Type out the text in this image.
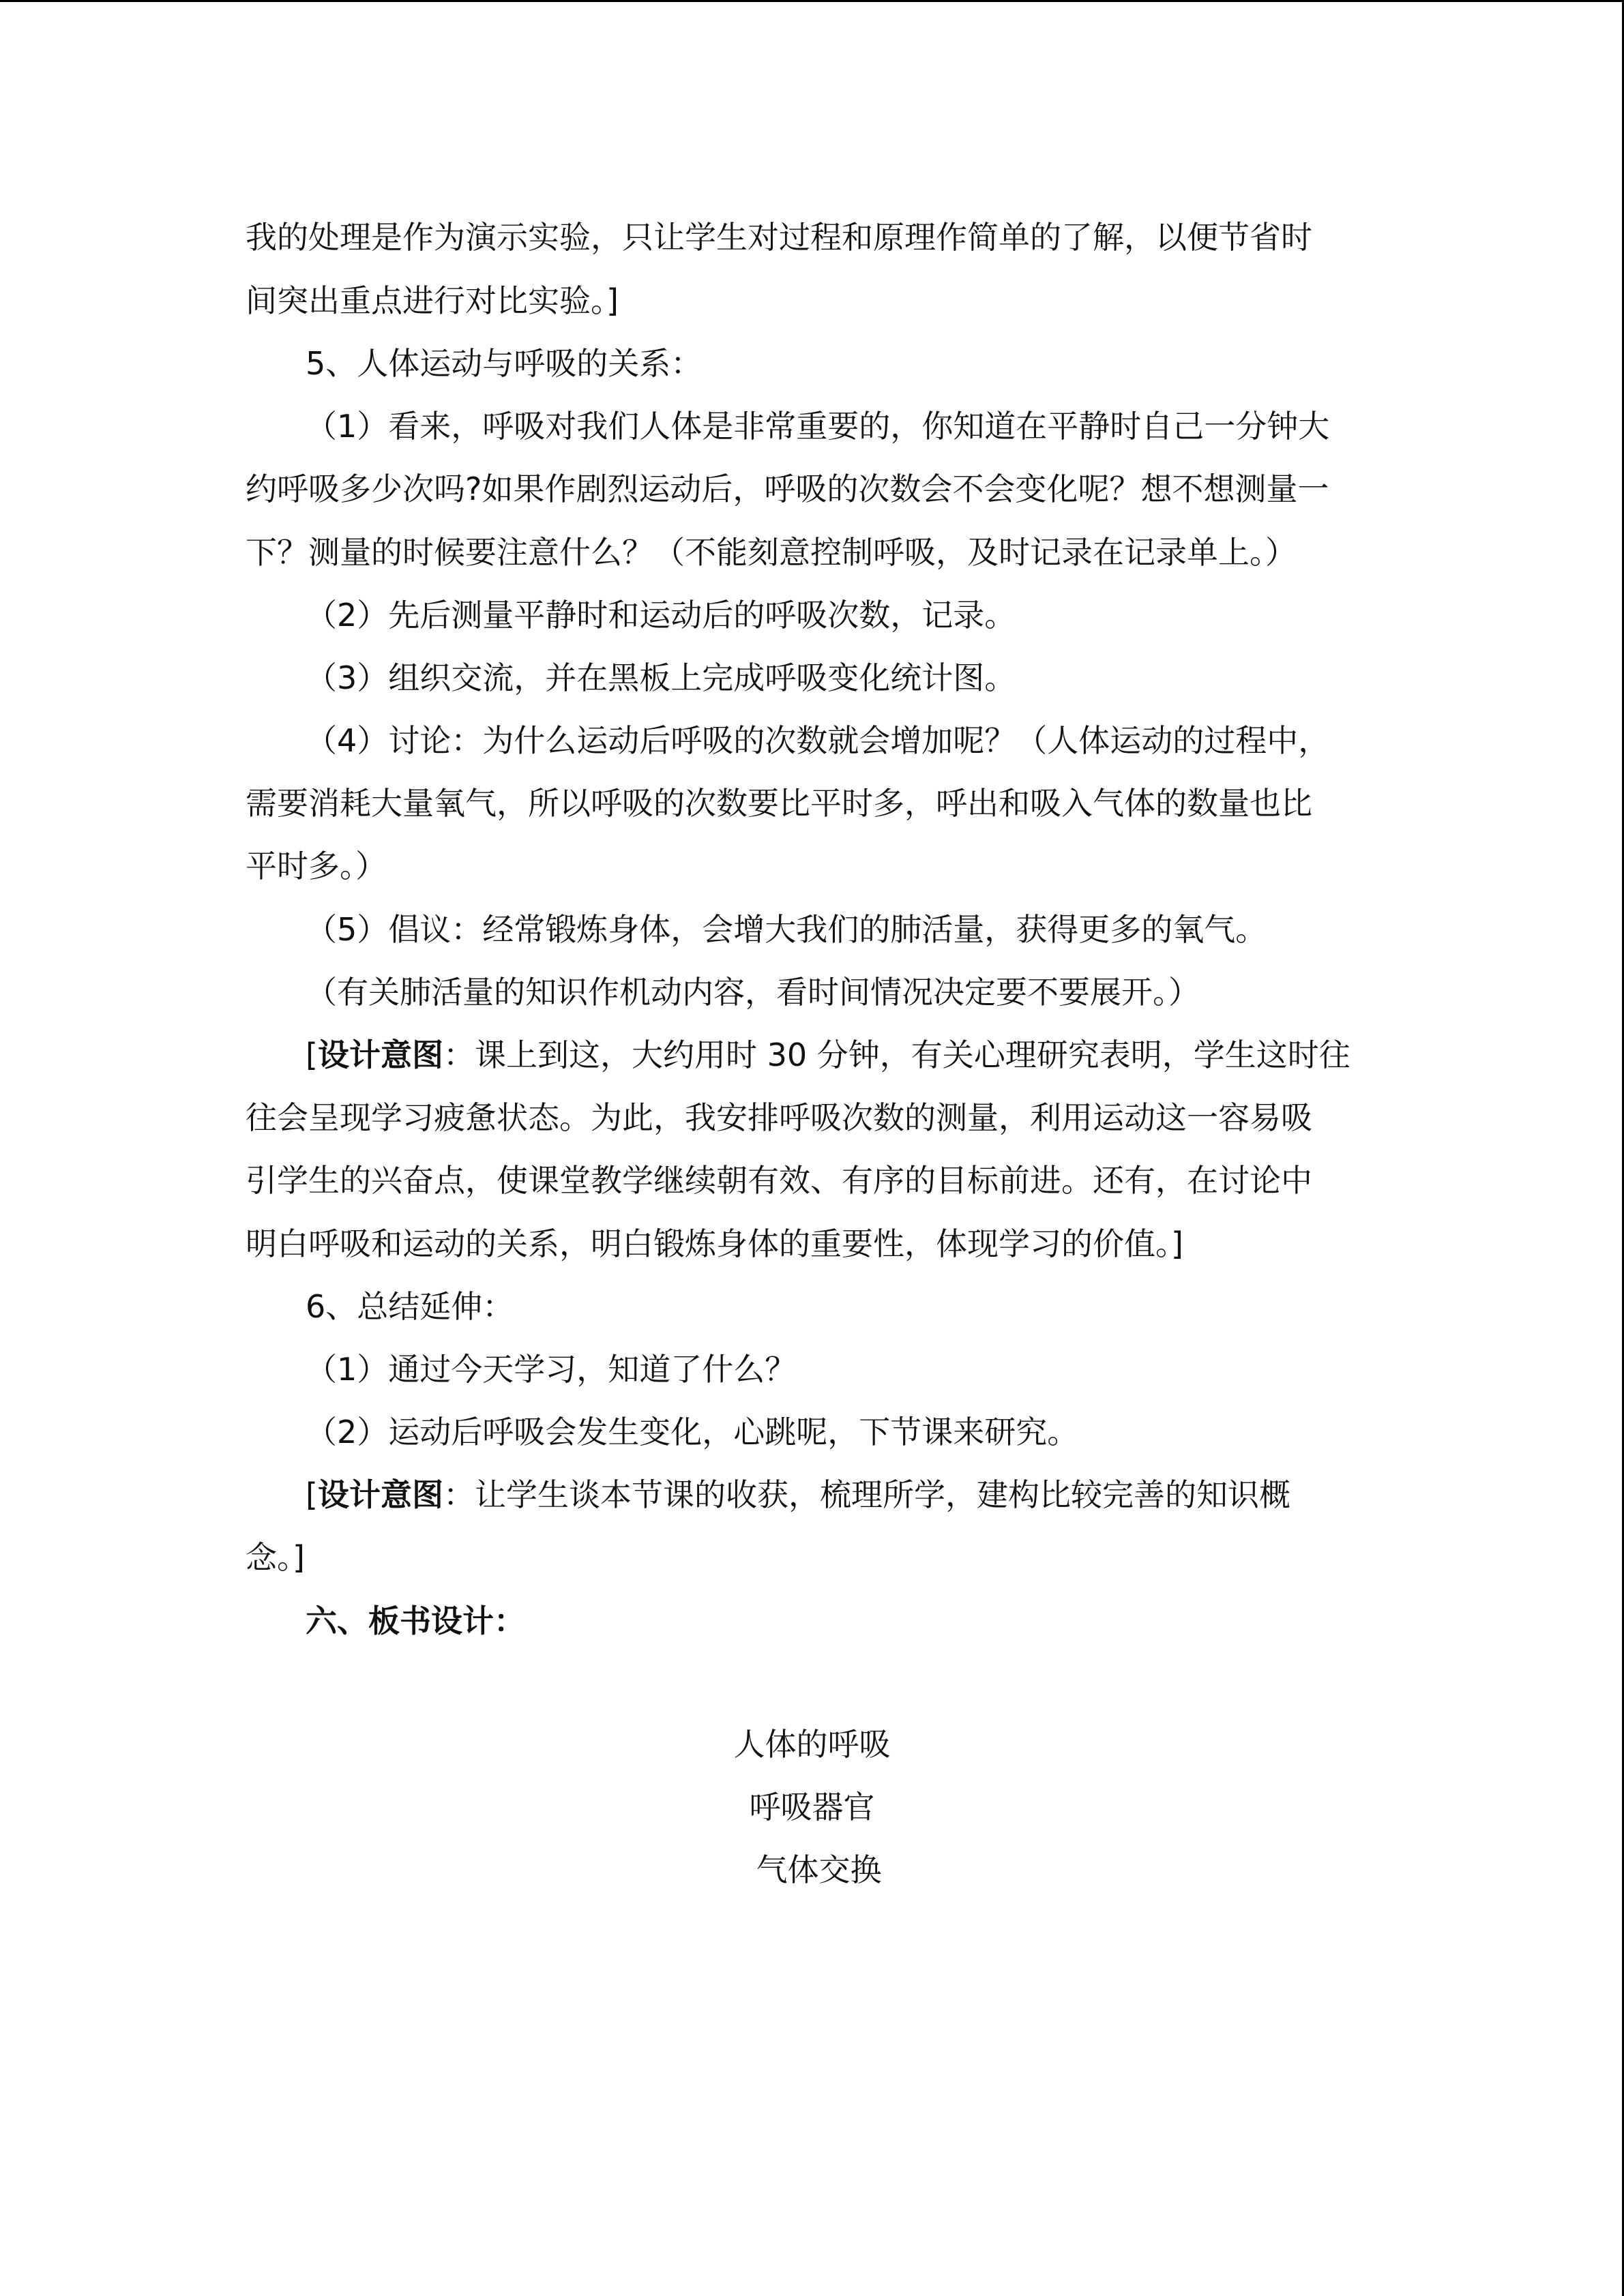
我的处理是作为演示实验，只让学生对过程和原理作简单的了解，以便节省时
间突出重点进行对比实验。]
5、人体运动与呼吸的关系：
（1）看来，呼吸对我们人体是非常重要的，你知道在平静时自己一分钟大
约呼吸多少次吗?如果作剧烈运动后，呼吸的次数会不会变化呢？想不想测量一
下？测量的时候要注意什么？（不能刻意控制呼吸，及时记录在记录单上。）
（2）先后测量平静时和运动后的呼吸次数，记录。
（3）组织交流，并在黑板上完成呼吸变化统计图。
（4）讨论：为什么运动后呼吸的次数就会增加呢？（人体运动的过程中，
需要消耗大量氧气，所以呼吸的次数要比平时多，呼出和吸入气体的数量也比
平时多。）
（5）倡议：经常锻炼身体，会增大我们的肺活量，获得更多的氧气。
（有关肺活量的知识作机动内容，看时间情况决定要不要展开。）
[设计意图：课上到这，大约用时 30 分钟，有关心理研究表明，学生这时往
往会呈现学习疲惫状态。为此，我安排呼吸次数的测量，利用运动这一容易吸
引学生的兴奋点，使课堂教学继续朝有效、有序的目标前进。还有，在讨论中
明白呼吸和运动的关系，明白锻炼身体的重要性，体现学习的价值。]
6、总结延伸：
（1）通过今天学习，知道了什么？
（2）运动后呼吸会发生变化，心跳呢，下节课来研究。
[设计意图：让学生谈本节课的收获，梳理所学，建构比较完善的知识概
念。]
六、板书设计：
人体的呼吸
呼吸器官
气体交换
